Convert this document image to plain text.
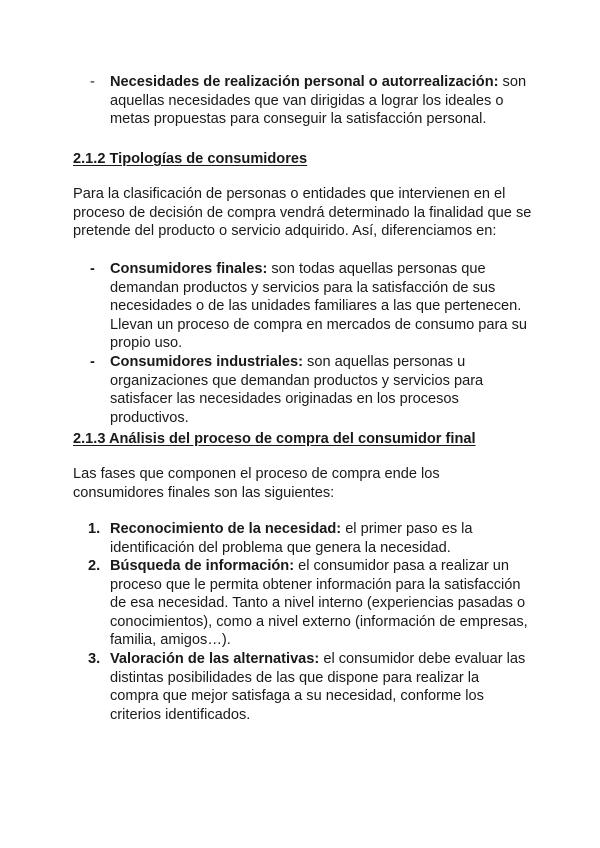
- Necesidades de realización personal o autorrealización: son aquellas necesidades que van dirigidas a lograr los ideales o metas propuestas para conseguir la satisfacción personal.
2.1.2 Tipologías de consumidores
Para la clasificación de personas o entidades que intervienen en el proceso de decisión de compra vendrá determinado la finalidad que se pretende del producto o servicio adquirido. Así, diferenciamos en:
- Consumidores finales: son todas aquellas personas que demandan productos y servicios para la satisfacción de sus necesidades o de las unidades familiares a las que pertenecen. Llevan un proceso de compra en mercados de consumo para su propio uso.
- Consumidores industriales: son aquellas personas u organizaciones que demandan productos y servicios para satisfacer las necesidades originadas en los procesos productivos.
2.1.3 Análisis del proceso de compra del consumidor final
Las fases que componen el proceso de compra ende los consumidores finales son las siguientes:
1. Reconocimiento de la necesidad: el primer paso es la identificación del problema que genera la necesidad.
2. Búsqueda de información: el consumidor pasa a realizar un proceso que le permita obtener información para la satisfacción de esa necesidad. Tanto a nivel interno (experiencias pasadas o conocimientos), como a nivel externo (información de empresas, familia, amigos…).
3. Valoración de las alternativas: el consumidor debe evaluar las distintas posibilidades de las que dispone para realizar la compra que mejor satisfaga a su necesidad, conforme los criterios identificados.
